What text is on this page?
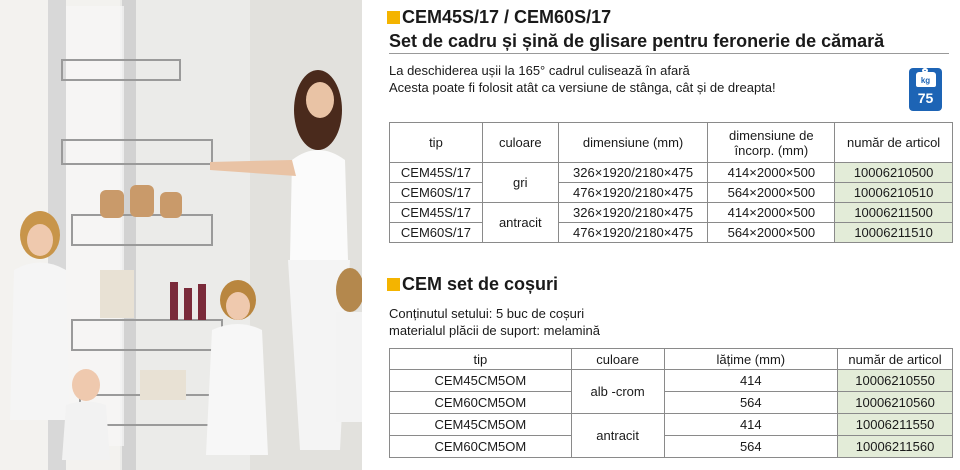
CEM45S/17 / CEM60S/17
Set de cadru și șină de glisare pentru feronerie de cămară
La deschiderea ușii la 165° cadrul culisează în afară
Acesta poate fi folosit atât ca versiune de stânga, cât și de dreapta!	kg
75
tip	culoare	dimensiune (mm)	dimensiune de încorp. (mm)	număr de articol
CEM45S/17	gri	326×1920/2180×475	414×2000×500	10006210500
CEM60S/17		476×1920/2180×475	564×2000×500	10006210510
CEM45S/17	antracit	326×1920/2180×475	414×2000×500	10006211500
CEM60S/17		476×1920/2180×475	564×2000×500	10006211510
CEM set de coșuri
Conținutul setului: 5 buc de coșuri
materialul plăcii de suport: melamină
tip	culoare	lățime (mm)	număr de articol
CEM45CM5OM	alb -crom	414	10006210550
CEM60CM5OM		564	10006210560
CEM45CM5OM	antracit	414	10006211550
CEM60CM5OM		564	10006211560
